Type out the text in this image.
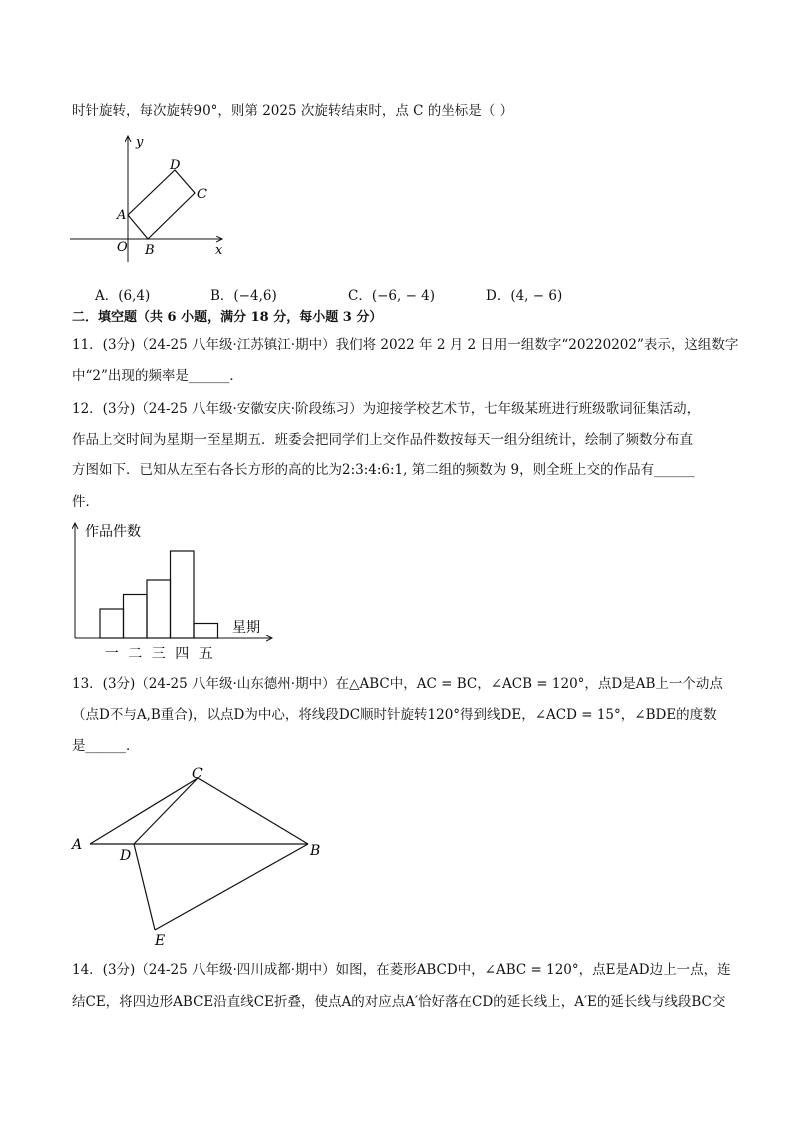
时针旋转，每次旋转90°，则第 2025 次旋转结束时，点 C 的坐标是（ ）
y
x
O
A
B
C
D
A．(6,4)	B．(−4,6)	C．(−6, − 4)	D．(4, − 6)
二．填空题（共 6 小题，满分 18 分，每小题 3 分）
11．(3分)（24-25 八年级·江苏镇江·期中）我们将 2022 年 2 月 2 日用一组数字“20220202”表示，这组数字
中“2”出现的频率是______．
12．(3分)（24-25 八年级·安徽安庆·阶段练习）为迎接学校艺术节，七年级某班进行班级歌词征集活动，
作品上交时间为星期一至星期五．班委会把同学们上交作品件数按每天一组分组统计，绘制了频数分布直
方图如下．已知从左至右各长方形的高的比为2:3:4:6:1, 第二组的频数为 9，则全班上交的作品有______
件．
作品件数
星期
一 二 三 四 五
13．(3分)（24-25 八年级·山东德州·期中）在△ABC中，AC = BC，∠ACB = 120°，点D是AB上一个动点
（点D不与A,B重合)，以点D为中心，将线段DC顺时针旋转120°得到线DE，∠ACD = 15°，∠BDE的度数
是______．
A	B
C
D
E
14．(3分)（24-25 八年级·四川成都·期中）如图，在菱形ABCD中，∠ABC = 120°，点E是AD边上一点，连
结CE，将四边形ABCE沿直线CE折叠，使点A的对应点A′恰好落在CD的延长线上，A′E的延长线与线段BC交
